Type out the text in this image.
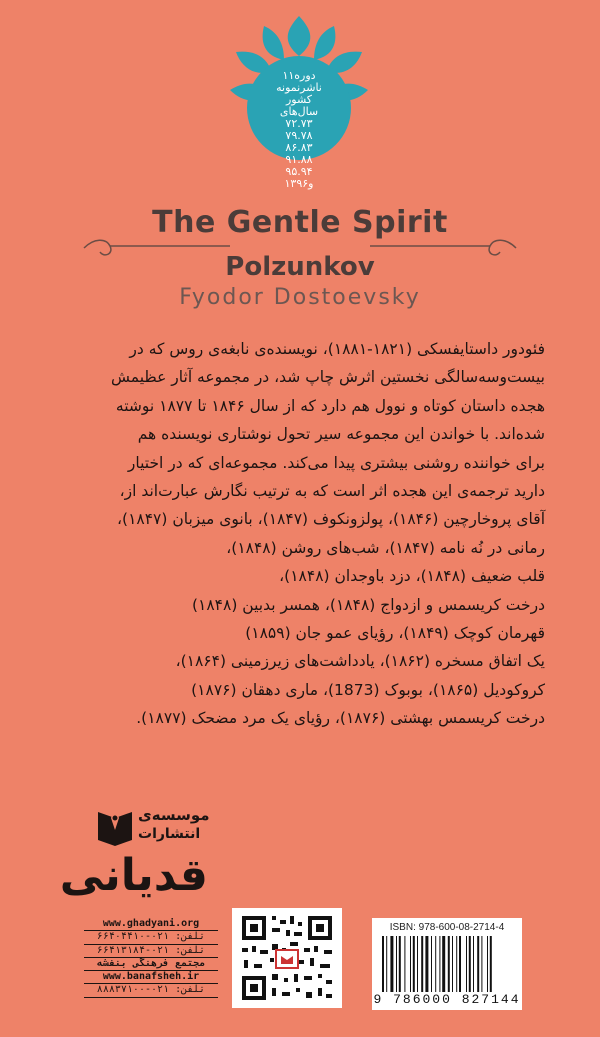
۱۱دوره
ناشرنمونه
کشور
سال‌های
۷۲.۷۳
۷۹.۷۸
۸۶.۸۳
۹۱.۸۸
۹۵.۹۴
و۱۳۹۶
The Gentle Spirit
Polzunkov
Fyodor Dostoevsky
فئودور داستایفسکی (۱۸۲۱-۱۸۸۱)، نویسنده‌ی نابغه‌ی روس که در
بیست‌وسه‌سالگی نخستین اثرش چاپ شد، در مجموعه آثار عظیمش
هجده داستان کوتاه و نوول هم دارد که از سال ۱۸۴۶ تا ۱۸۷۷ نوشته
شده‌اند. با خواندن این مجموعه سیر تحول نوشتاری نویسنده هم
برای خواننده روشنی بیشتری پیدا می‌کند. مجموعه‌ای که در اختیار
دارید ترجمه‌ی این هجده اثر است که به ترتیب نگارش عبارت‌اند از،
آقای پروخارچین (۱۸۴۶)، پولزونکوف (۱۸۴۷)، بانوی میزبان (۱۸۴۷)،
رمانی در نُه نامه (۱۸۴۷)، شب‌های روشن (۱۸۴۸)،
قلب ضعیف (۱۸۴۸)، دزد باوجدان (۱۸۴۸)،
درخت کریسمس و ازدواج (۱۸۴۸)، همسر بدبین (۱۸۴۸)
قهرمان کوچک (۱۸۴۹)، رؤیای عمو جان (۱۸۵۹)
یک اتفاق مسخره (۱۸۶۲)، یادداشت‌های زیرزمینی (۱۸۶۴)،
کروکودیل (۱۸۶۵)، بوبوک (1873)، ماری دهقان (۱۸۷۶)
درخت کریسمس بهشتی (۱۸۷۶)، رؤیای یک مرد مضحک (۱۸۷۷).
موسسه‌ی
انتشارات
قدیانی
www.ghadyani.org
تلفن: ۰۲۱-۶۶۴۰۴۴۱۰
تلفن: ۰۲۱-۶۶۴۱۳۱۸۴
مجتمع فرهنگی بنفشه
www.banafsheh.ir
تلفن: ۰۲۱-۸۸۸۳۷۱۰۰
ISBN: 978-600-08-2714-4
9 786000 827144
